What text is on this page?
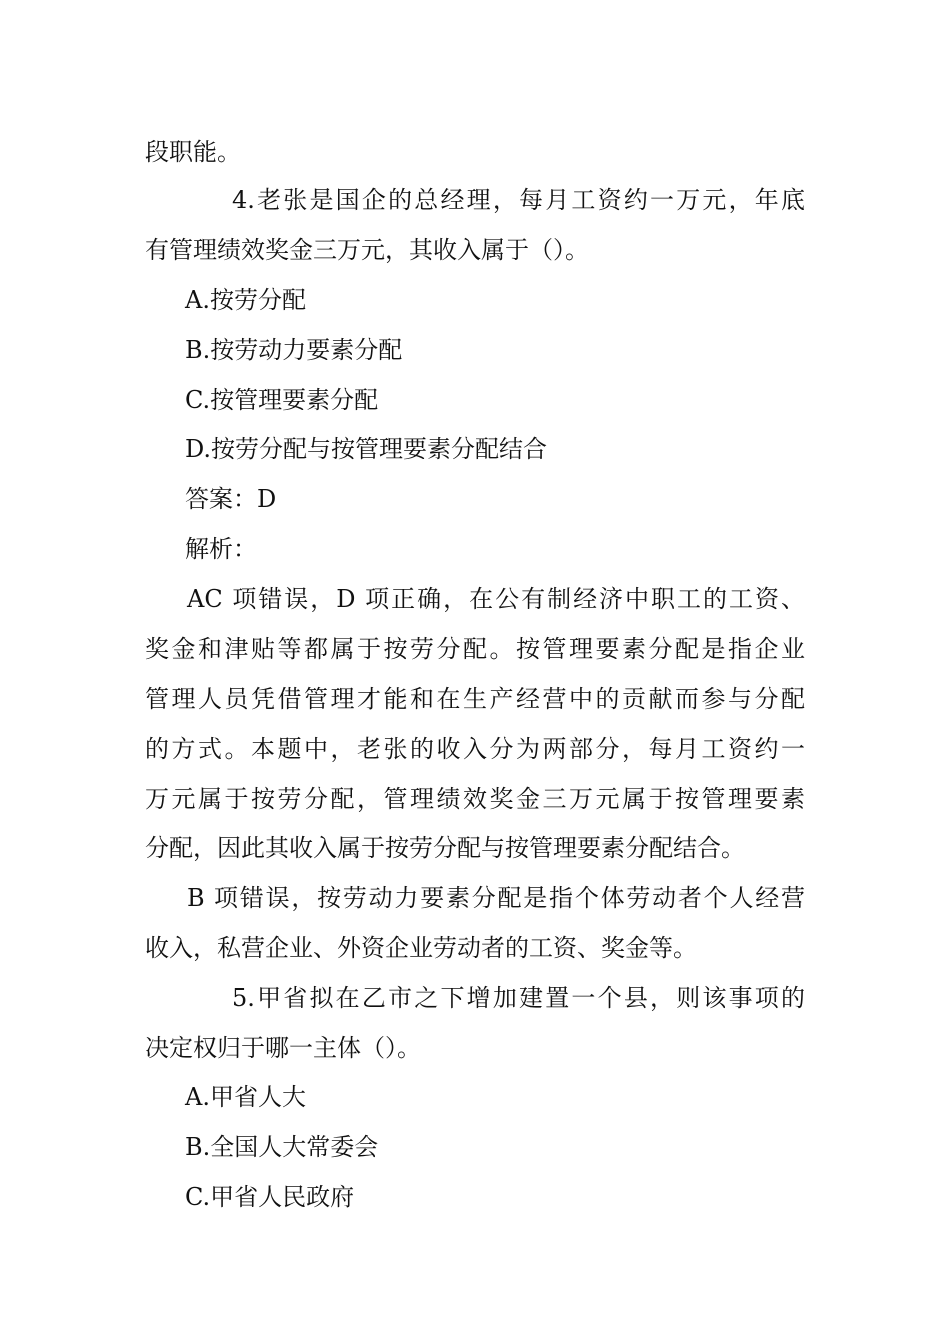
段职能。
4.老张是国企的总经理，每月工资约一万元，年底
有管理绩效奖金三万元，其收入属于（）。
A.按劳分配
B.按劳动力要素分配
C.按管理要素分配
D.按劳分配与按管理要素分配结合
答案：D
解析：
AC 项错误，D 项正确，在公有制经济中职工的工资、
奖金和津贴等都属于按劳分配。按管理要素分配是指企业
管理人员凭借管理才能和在生产经营中的贡献而参与分配
的方式。本题中，老张的收入分为两部分，每月工资约一
万元属于按劳分配，管理绩效奖金三万元属于按管理要素
分配，因此其收入属于按劳分配与按管理要素分配结合。
B 项错误，按劳动力要素分配是指个体劳动者个人经营
收入，私营企业、外资企业劳动者的工资、奖金等。
5.甲省拟在乙市之下增加建置一个县，则该事项的
决定权归于哪一主体（）。
A.甲省人大
B.全国人大常委会
C.甲省人民政府
